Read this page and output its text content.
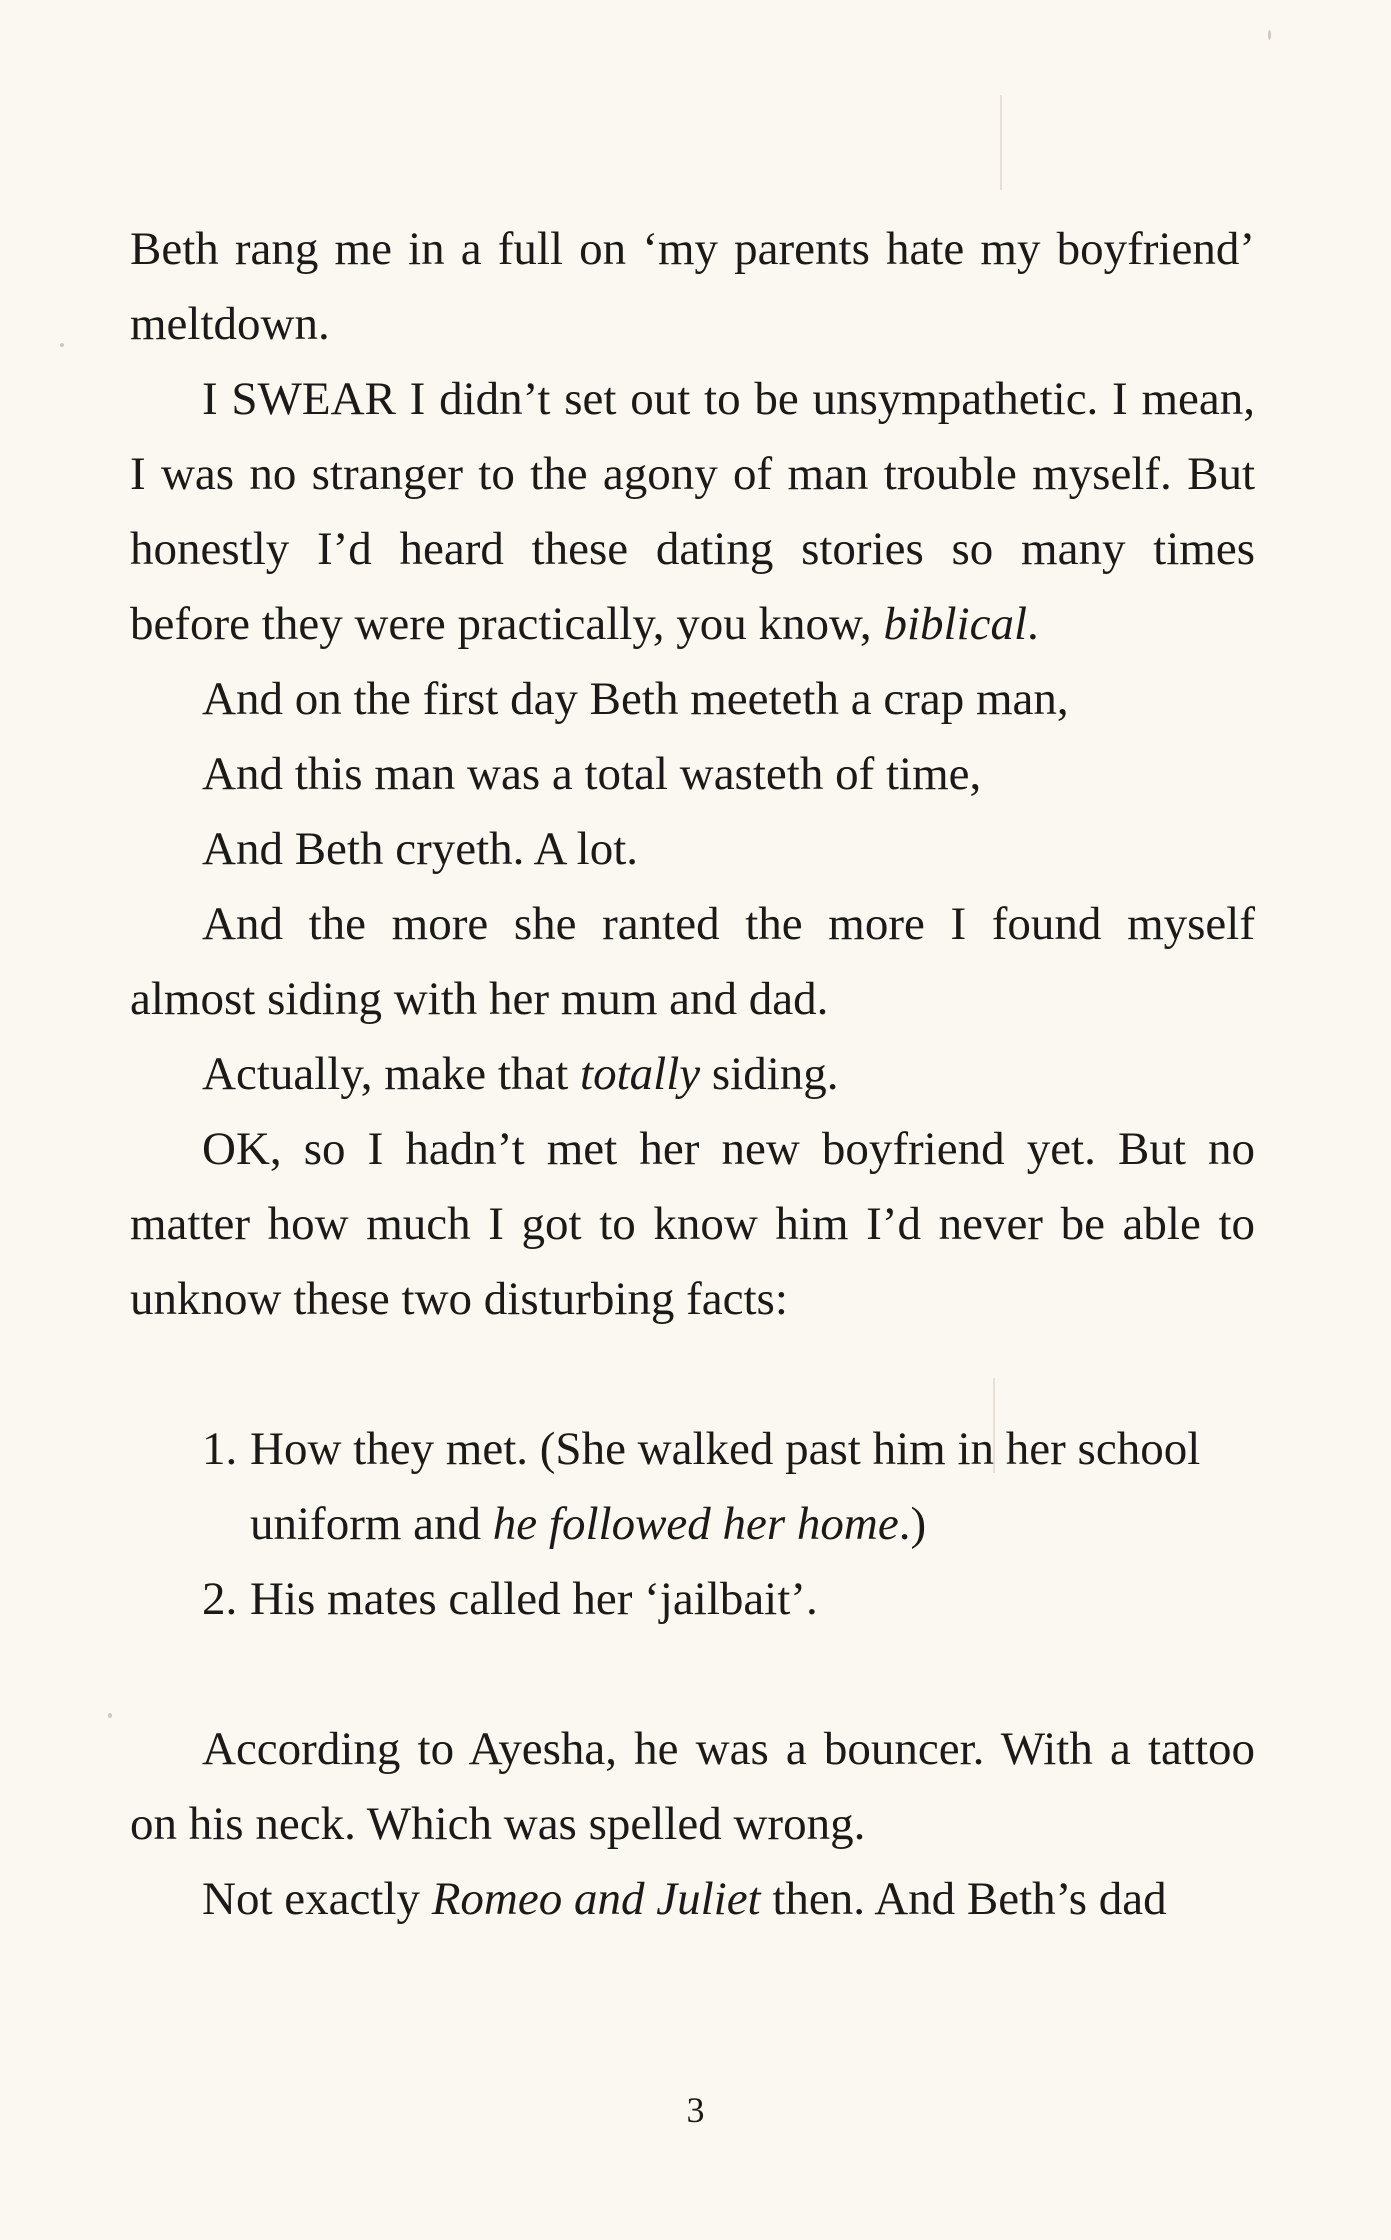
Beth rang me in a full on ‘my parents hate my boyfriend’ meltdown.

I SWEAR I didn’t set out to be unsympathetic. I mean, I was no stranger to the agony of man trouble myself. But honestly I’d heard these dating stories so many times before they were practically, you know, biblical.

And on the first day Beth meeteth a crap man,

And this man was a total wasteth of time,

And Beth cryeth. A lot.

And the more she ranted the more I found myself almost siding with her mum and dad.

Actually, make that totally siding.

OK, so I hadn’t met her new boyfriend yet. But no matter how much I got to know him I’d never be able to unknow these two disturbing facts:

1. How they met. (She walked past him in her school uniform and he followed her home.)
2. His mates called her ‘jailbait’.

According to Ayesha, he was a bouncer. With a tattoo on his neck. Which was spelled wrong.

Not exactly Romeo and Juliet then. And Beth’s dad

3
